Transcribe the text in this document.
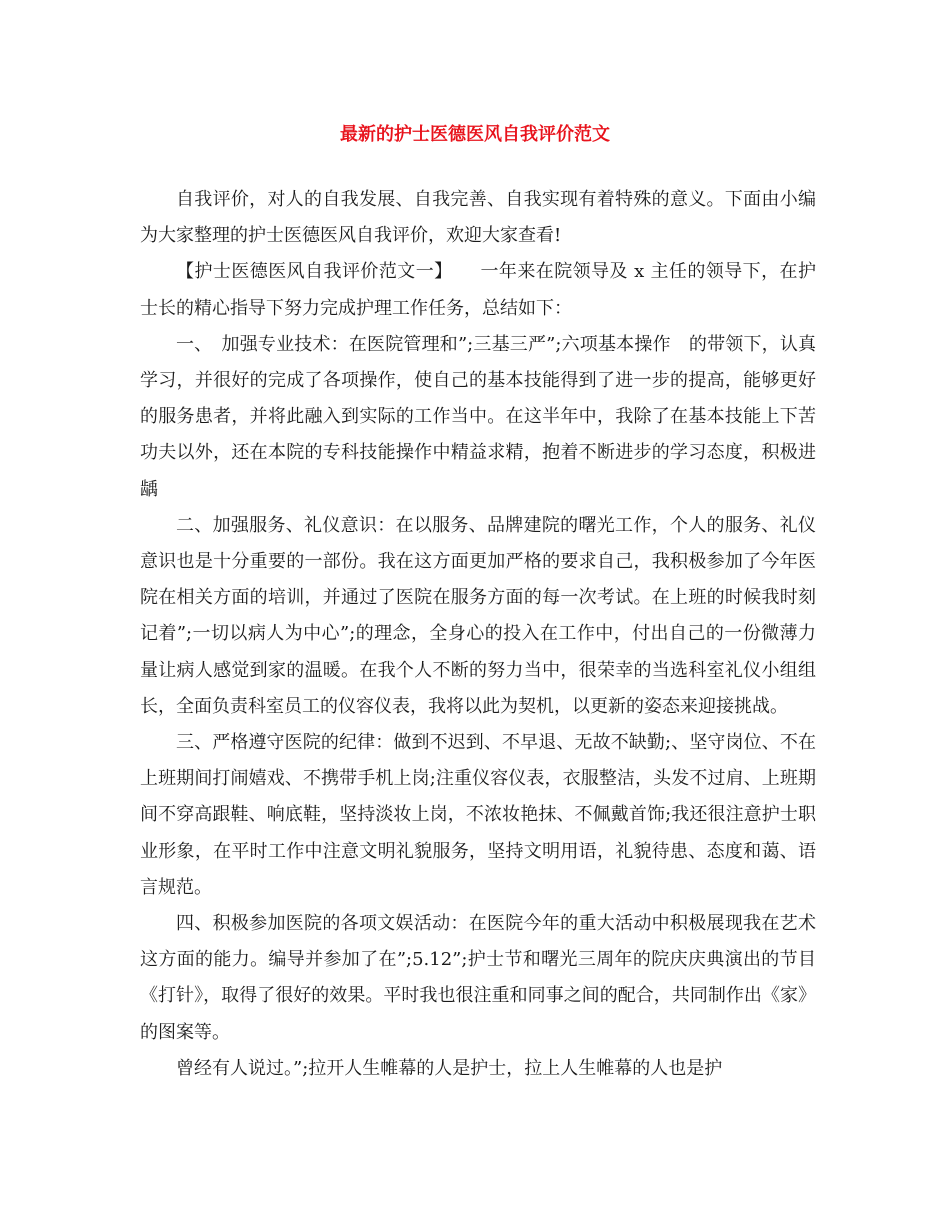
最新的护士医德医风自我评价范文

自我评价，对人的自我发展、自我完善、自我实现有着特殊的意义。下面由小编为大家整理的护士医德医风自我评价，欢迎大家查看!

【护士医德医风自我评价范文一】　　一年来在院领导及 x 主任的领导下，在护士长的精心指导下努力完成护理工作任务，总结如下：

一、　加强专业技术：在医院管理和”;三基三严”;六项基本操作　的带领下，认真学习，并很好的完成了各项操作，使自己的基本技能得到了进一步的提高，能够更好的服务患者，并将此融入到实际的工作当中。在这半年中，我除了在基本技能上下苦功夫以外，还在本院的专科技能操作中精益求精，抱着不断进步的学习态度，积极进龋

二、加强服务、礼仪意识：在以服务、品牌建院的曙光工作，个人的服务、礼仪意识也是十分重要的一部份。我在这方面更加严格的要求自己，我积极参加了今年医院在相关方面的培训，并通过了医院在服务方面的每一次考试。在上班的时候我时刻记着”;一切以病人为中心”;的理念，全身心的投入在工作中，付出自己的一份微薄力量让病人感觉到家的温暖。在我个人不断的努力当中，很荣幸的当选科室礼仪小组组长，全面负责科室员工的仪容仪表，我将以此为契机，以更新的姿态来迎接挑战。

三、严格遵守医院的纪律：做到不迟到、不早退、无故不缺勤;、坚守岗位、不在上班期间打闹嬉戏、不携带手机上岗;注重仪容仪表，衣服整洁，头发不过肩、上班期间不穿高跟鞋、响底鞋，坚持淡妆上岗，不浓妆艳抹、不佩戴首饰;我还很注意护士职业形象，在平时工作中注意文明礼貌服务，坚持文明用语，礼貌待患、态度和蔼、语言规范。

四、积极参加医院的各项文娱活动：在医院今年的重大活动中积极展现我在艺术这方面的能力。编导并参加了在”;5.12”;护士节和曙光三周年的院庆庆典演出的节目《打针》，取得了很好的效果。平时我也很注重和同事之间的配合，共同制作出《家》的图案等。

曾经有人说过。”;拉开人生帷幕的人是护士，拉上人生帷幕的人也是护
